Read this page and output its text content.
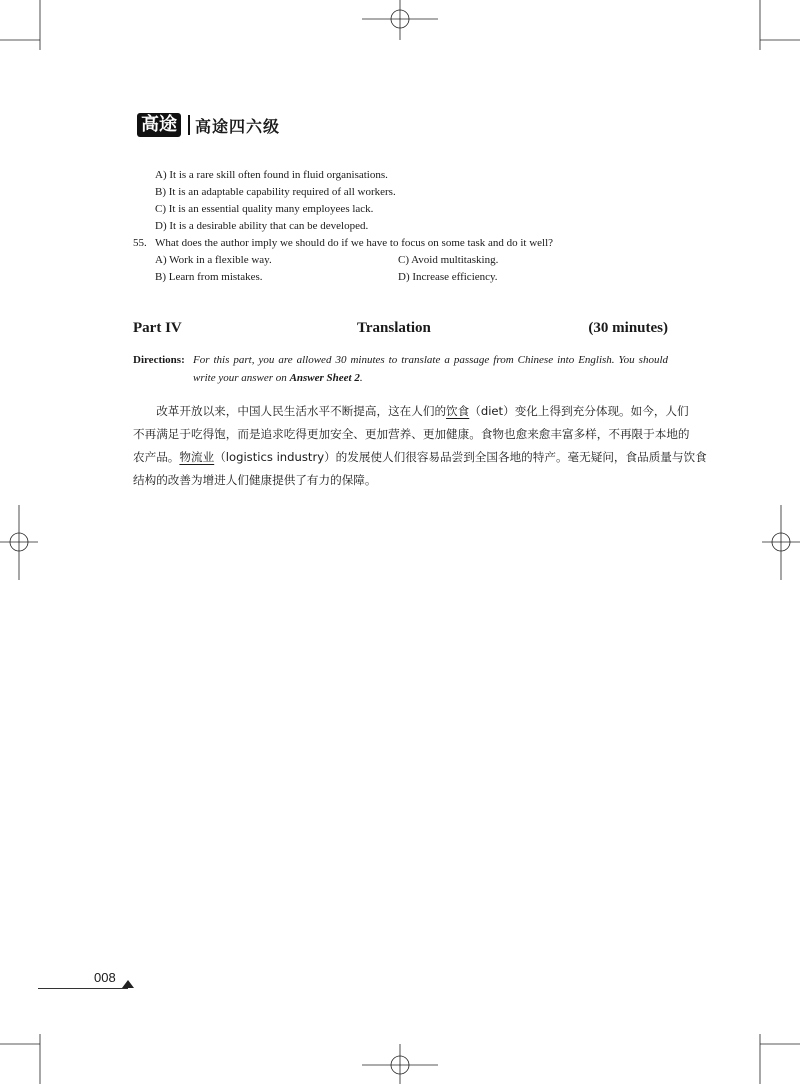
高途 高途四六级
A) It is a rare skill often found in fluid organisations.
B) It is an adaptable capability required of all workers.
C) It is an essential quality many employees lack.
D) It is a desirable ability that can be developed.
55. What does the author imply we should do if we have to focus on some task and do it well?
A) Work in a flexible way.	C) Avoid multitasking.
B) Learn from mistakes.	D) Increase efficiency.
Part IV	Translation	(30 minutes)
Directions: For this part, you are allowed 30 minutes to translate a passage from Chinese into English. You should write your answer on Answer Sheet 2.
　　改革开放以来，中国人民生活水平不断提高，这在人们的饮食（diet）变化上得到充分体现。如今，人们
不再满足于吃得饱，而是追求吃得更加安全、更加营养、更加健康。食物也愈来愈丰富多样，不再限于本地的
农产品。物流业（logistics industry）的发展使人们很容易品尝到全国各地的特产。毫无疑问，食品质量与饮食
结构的改善为增进人们健康提供了有力的保障。
008
